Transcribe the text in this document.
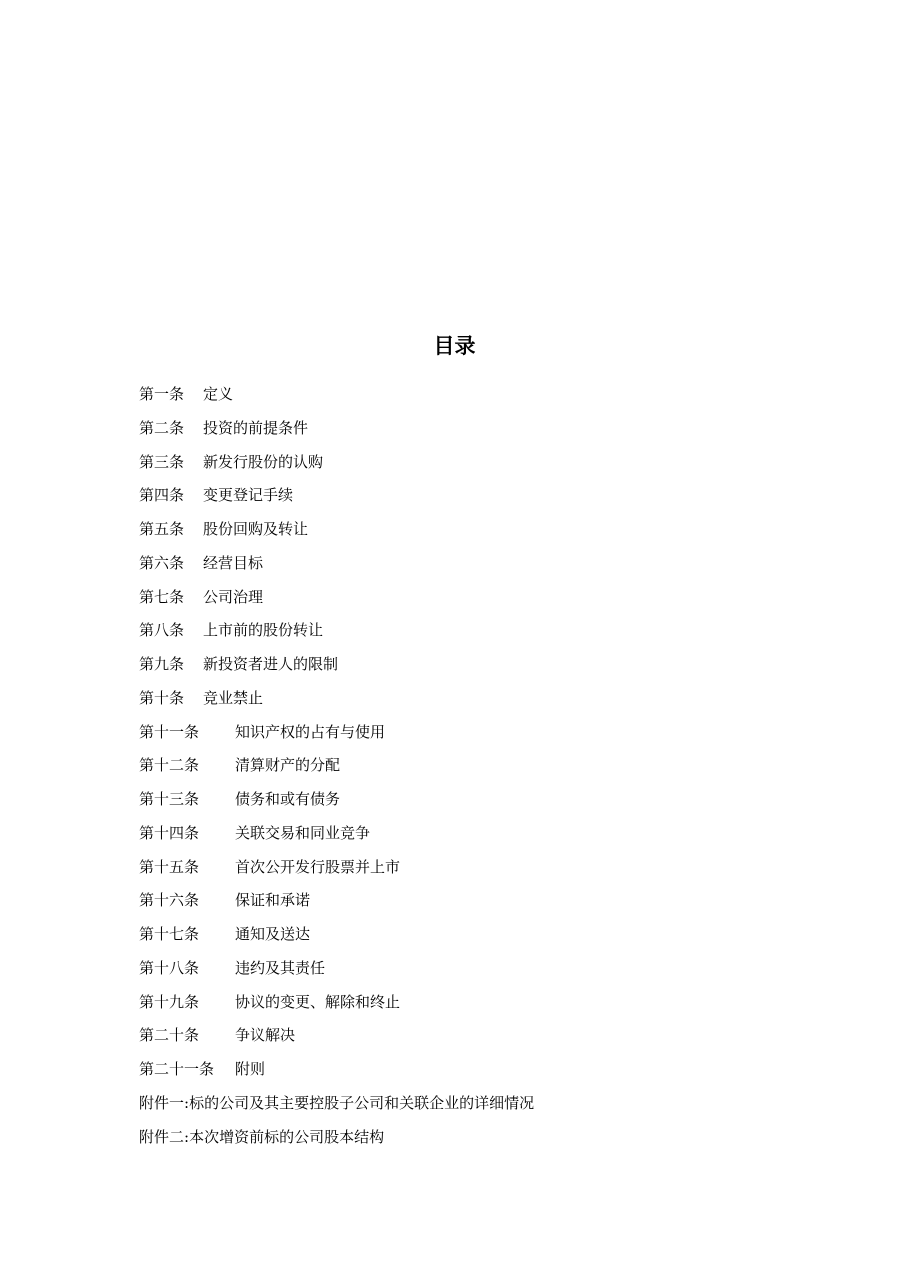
目录
第一条 定义
第二条 投资的前提条件
第三条 新发行股份的认购
第四条 变更登记手续
第五条 股份回购及转让
第六条 经营目标
第七条 公司治理
第八条 上市前的股份转让
第九条 新投资者进人的限制
第十条 竞业禁止
第十一条 知识产权的占有与使用
第十二条 清算财产的分配
第十三条 债务和或有债务
第十四条 关联交易和同业竞争
第十五条 首次公开发行股票并上市
第十六条 保证和承诺
第十七条 通知及送达
第十八条 违约及其责任
第十九条 协议的变更、解除和终止
第二十条 争议解决
第二十一条 附则
附件一:标的公司及其主要控股子公司和关联企业的详细情况
附件二:本次增资前标的公司股本结构
